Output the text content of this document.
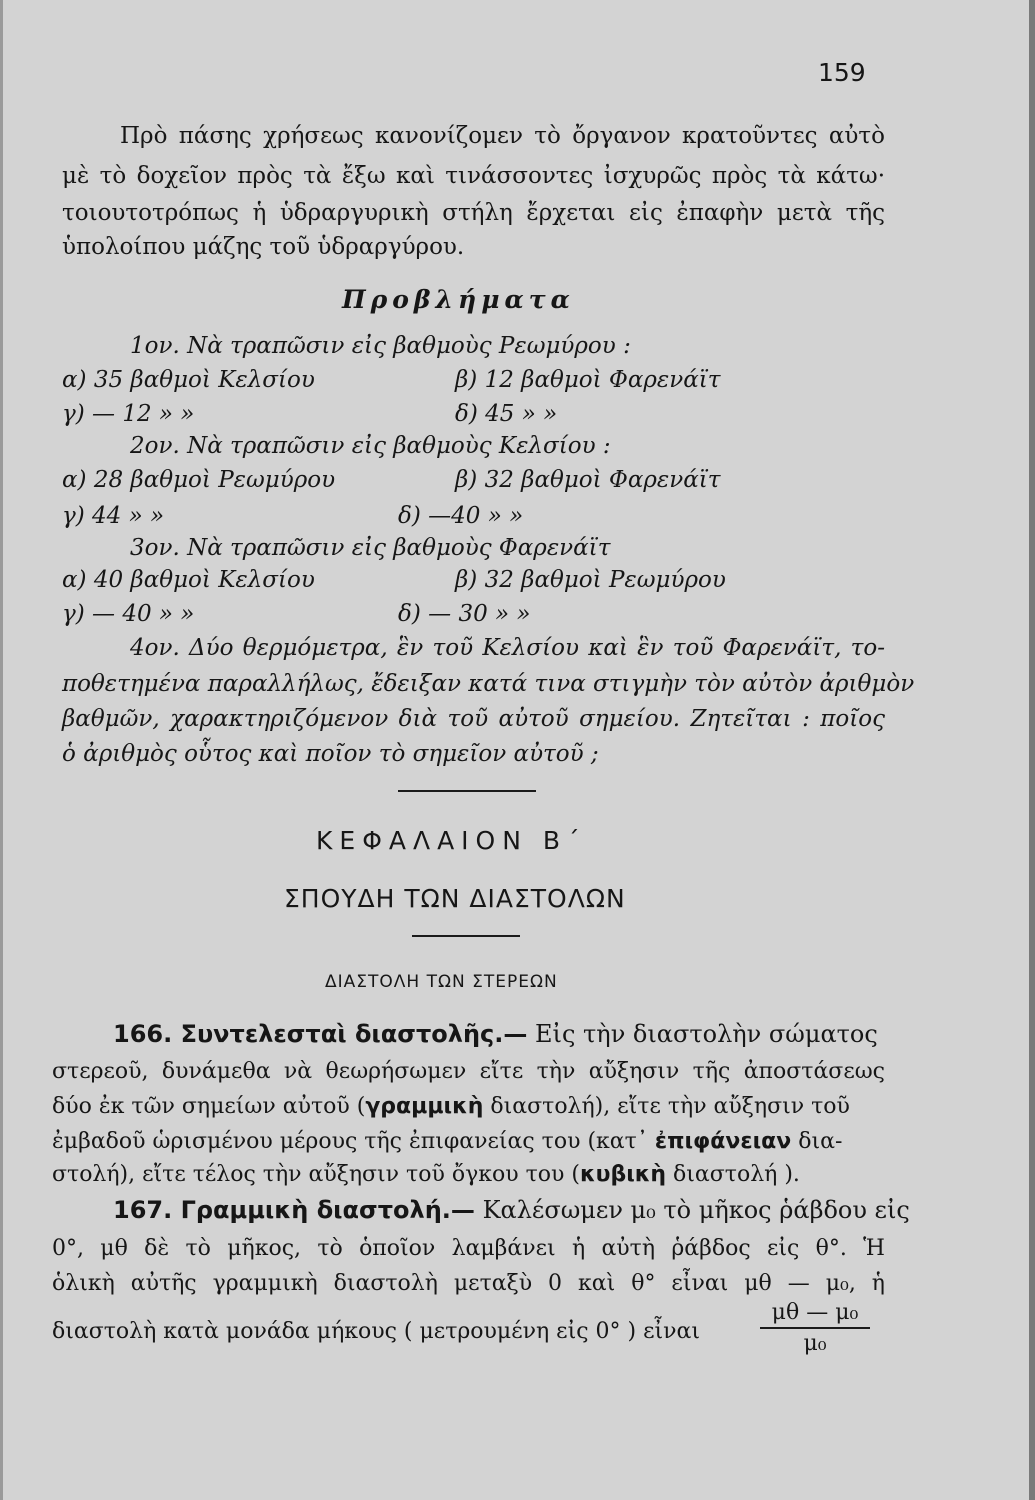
159
Πρὸ πάσης χρήσεως κανονίζομεν τὸ ὄργανον κρατοῦντες αὐτὸ
μὲ τὸ δοχεῖον πρὸς τὰ ἔξω καὶ τινάσσοντες ἰσχυρῶς πρὸς τὰ κάτω·
τοιουτοτρόπως ἡ ὑδραργυρικὴ στήλη ἔρχεται εἰς ἐπαφὴν μετὰ τῆς
ὑπολοίπου μάζης τοῦ ὑδραργύρου.
Προβλήματα
1ον. Νὰ τραπῶσιν εἰς βαθμοὺς Ρεωμύρου :
α) 35 βαθμοὶ Κελσίου	β) 12 βαθμοὶ Φαρενάϊτ
γ) — 12 » »	δ) 45 » »
2ον. Νὰ τραπῶσιν εἰς βαθμοὺς Κελσίου :
α) 28 βαθμοὶ Ρεωμύρου	β) 32 βαθμοὶ Φαρενάϊτ
γ) 44 » »	δ) —40 » »
3ον. Νὰ τραπῶσιν εἰς βαθμοὺς Φαρενάϊτ
α) 40 βαθμοὶ Κελσίου	β) 32 βαθμοὶ Ρεωμύρου
γ) — 40 » »	δ) — 30 » »
4ον. Δύο θερμόμετρα, ἓν τοῦ Κελσίου καὶ ἓν τοῦ Φαρενάϊτ, το-
ποθετημένα παραλλήλως, ἔδειξαν κατά τινα στιγμὴν τὸν αὐτὸν ἀριθμὸν
βαθμῶν, χαρακτηριζόμενον διὰ τοῦ αὐτοῦ σημείου. Ζητεῖται : ποῖος
ὁ ἀριθμὸς οὗτος καὶ ποῖον τὸ σημεῖον αὐτοῦ ;
ΚΕΦΑΛΑΙΟΝ Β΄
ΣΠΟΥΔΗ ΤΩΝ ΔΙΑΣΤΟΛΩΝ
ΔΙΑΣΤΟΛΗ ΤΩΝ ΣΤΕΡΕΩΝ
166. Συντελεσταὶ διαστολῆς.— Εἰς τὴν διαστολὴν σώματος
στερεοῦ, δυνάμεθα νὰ θεωρήσωμεν εἴτε τὴν αὔξησιν τῆς ἀποστάσεως
δύο ἐκ τῶν σημείων αὐτοῦ (γραμμικὴ διαστολή), εἴτε τὴν αὔξησιν τοῦ
ἐμβαδοῦ ὡρισμένου μέρους τῆς ἐπιφανείας του (κατ᾽ ἐπιφάνειαν δια-
στολή), εἴτε τέλος τὴν αὔξησιν τοῦ ὄγκου του (κυβικὴ διαστολή ).
167. Γραμμικὴ διαστολή.— Καλέσωμεν μ₀ τὸ μῆκος ῥάβδου εἰς
0°, μθ δὲ τὸ μῆκος, τὸ ὁποῖον λαμβάνει ἡ αὐτὴ ῥάβδος εἰς θ°. Ἡ
ὁλικὴ αὐτῆς γραμμικὴ διαστολὴ μεταξὺ 0 καὶ θ° εἶναι μθ — μ₀, ἡ
διαστολὴ κατὰ μονάδα μήκους ( μετρουμένη εἰς 0° ) εἶναι	$\frac{\text{μθ — μ₀}}{\text{μ₀}}$
